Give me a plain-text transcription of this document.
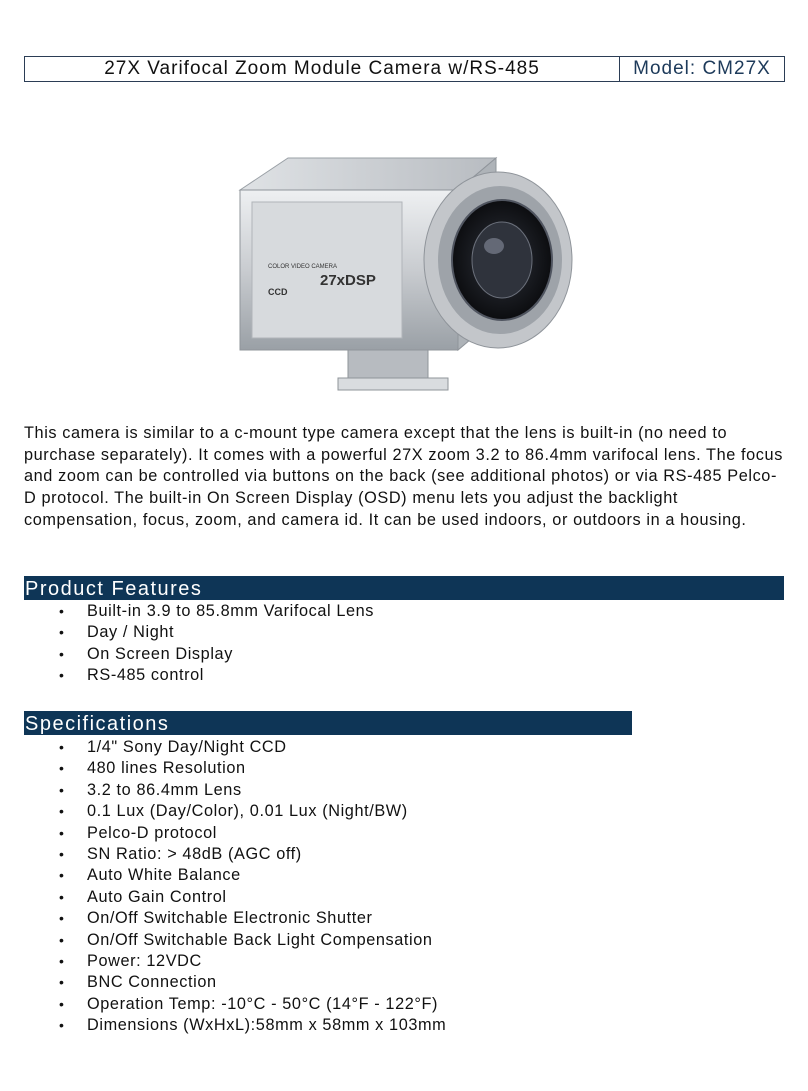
27X Varifocal Zoom Module Camera w/RS-485	Model: CM27X
COLOR VIDEO CAMERA
27xDSP
CCD

This camera is similar to a c-mount type camera except that the lens is built-in (no need to purchase separately). It comes with a powerful 27X zoom 3.2 to 86.4mm varifocal lens. The focus and zoom can be controlled via buttons on the back (see additional photos) or via RS-485 Pelco-D protocol. The built-in On Screen Display (OSD) menu lets you adjust the backlight compensation, focus, zoom, and camera id. It can be used indoors, or outdoors in a housing.

Product Features
• Built-in 3.9 to 85.8mm Varifocal Lens
• Day / Night
• On Screen Display
• RS-485 control
Specifications
• 1/4" Sony Day/Night CCD
• 480 lines Resolution
• 3.2 to 86.4mm Lens
• 0.1 Lux (Day/Color), 0.01 Lux (Night/BW)
• Pelco-D protocol
• SN Ratio: > 48dB (AGC off)
• Auto White Balance
• Auto Gain Control
• On/Off Switchable Electronic Shutter
• On/Off Switchable Back Light Compensation
• Power: 12VDC
• BNC Connection
• Operation Temp: -10°C - 50°C (14°F - 122°F)
• Dimensions (WxHxL):58mm x 58mm x 103mm
